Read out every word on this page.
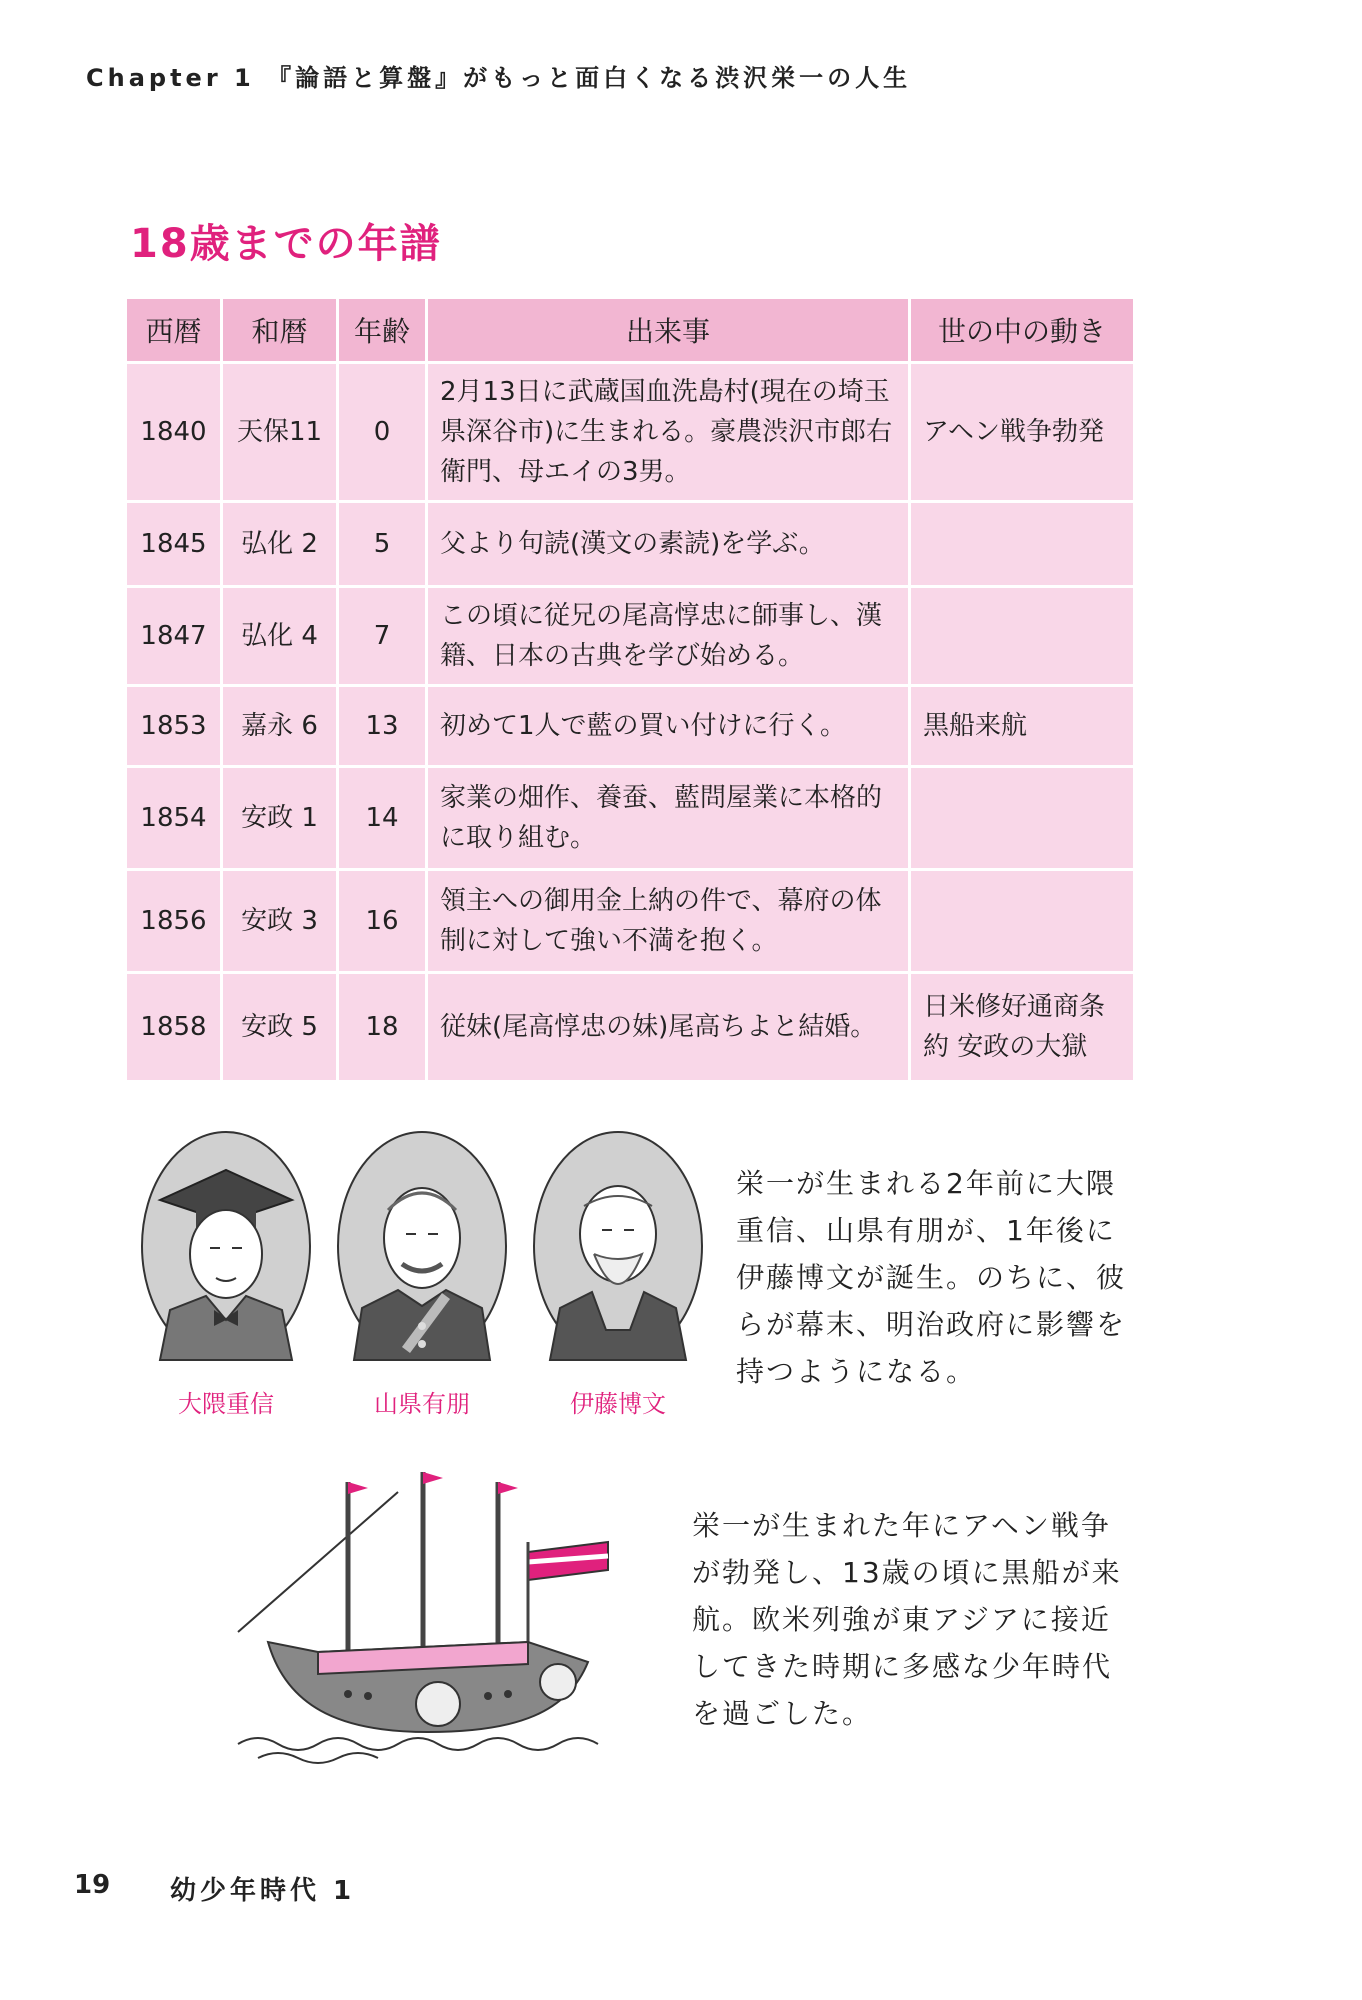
Chapter 1 『論語と算盤』がもっと面白くなる渋沢栄一の人生
18歳までの年譜
西暦	和暦	年齢	出来事	世の中の動き
1840	天保11	0	2月13日に武蔵国血洗島村(現在の埼玉県深谷市)に生まれる。豪農渋沢市郎右衛門、母エイの3男。	アヘン戦争勃発
1845	弘化 2	5	父より句読(漢文の素読)を学ぶ。	
1847	弘化 4	7	この頃に従兄の尾高惇忠に師事し、漢籍、日本の古典を学び始める。	
1853	嘉永 6	13	初めて1人で藍の買い付けに行く。	黒船来航
1854	安政 1	14	家業の畑作、養蚕、藍問屋業に本格的に取り組む。	
1856	安政 3	16	領主への御用金上納の件で、幕府の体制に対して強い不満を抱く。	
1858	安政 5	18	従妹(尾高惇忠の妹)尾高ちよと結婚。	日米修好通商条約 安政の大獄
大隈重信	山県有朋	伊藤博文
栄一が生まれる2年前に大隈重信、山県有朋が、1年後に伊藤博文が誕生。のちに、彼らが幕末、明治政府に影響を持つようになる。
栄一が生まれた年にアヘン戦争が勃発し、13歳の頃に黒船が来航。欧米列強が東アジアに接近してきた時期に多感な少年時代を過ごした。
19 幼少年時代 1
